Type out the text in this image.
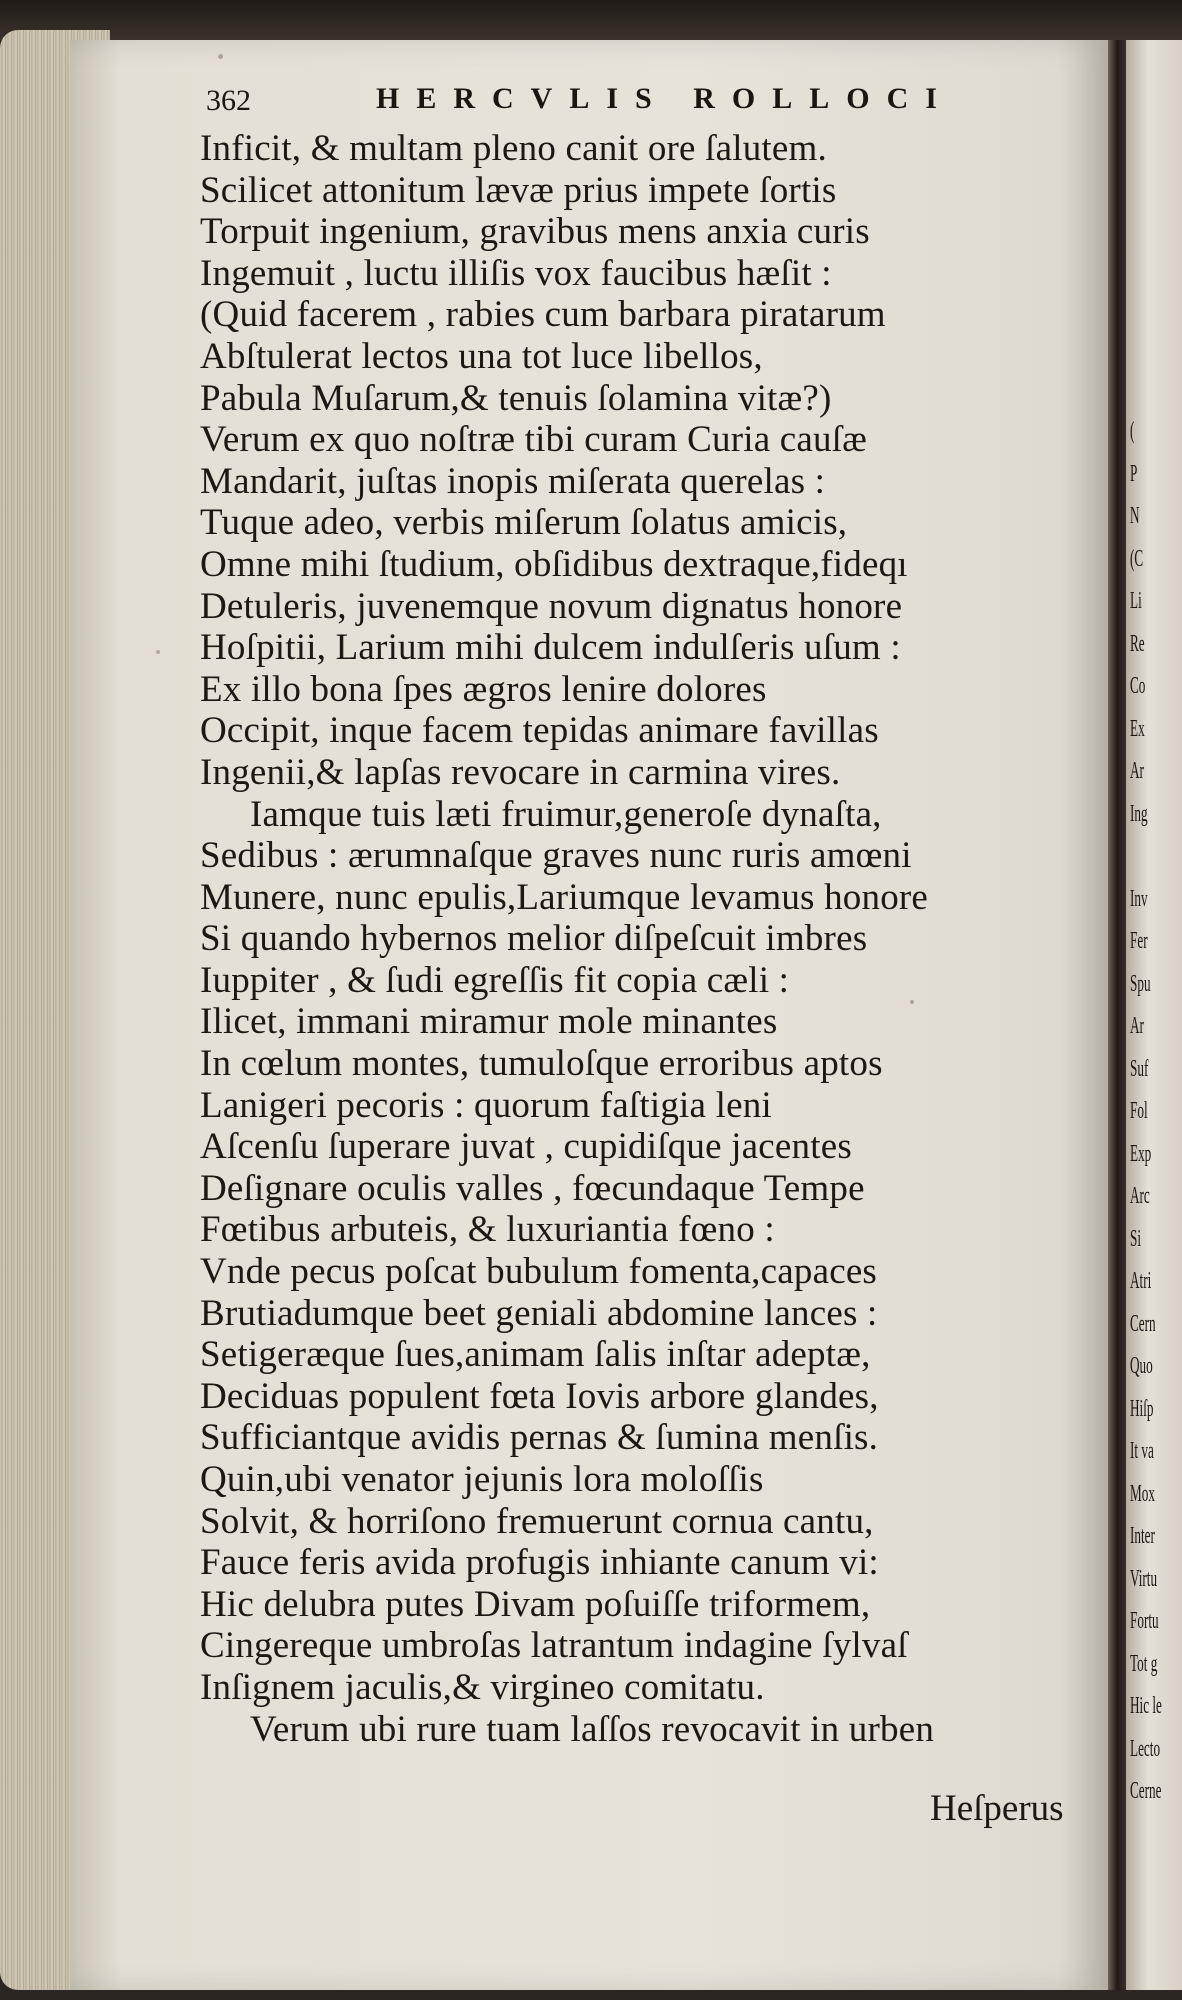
362	HERCVLIS ROLLOCI
Inficit, & multam pleno canit ore ſalutem.
Scilicet attonitum lævæ prius impete ſortis
Torpuit ingenium, gravibus mens anxia curis
Ingemuit , luctu illiſis vox faucibus hæſit :
(Quid facerem , rabies cum barbara piratarum
Abſtulerat lectos una tot luce libellos,
Pabula Muſarum,& tenuis ſolamina vitæ?)
Verum ex quo noſtræ tibi curam Curia cauſæ
Mandarit, juſtas inopis miſerata querelas :
Tuque adeo, verbis miſerum ſolatus amicis,
Omne mihi ſtudium, obſidibus dextraque,fideqı
Detuleris, juvenemque novum dignatus honore
Hoſpitii, Larium mihi dulcem indulſeris uſum :
Ex illo bona ſpes ægros lenire dolores
Occipit, inque facem tepidas animare favillas
Ingenii,& lapſas revocare in carmina vires.
Iamque tuis læti fruimur,generoſe dynaſta,
Sedibus : ærumnaſque graves nunc ruris amœni
Munere, nunc epulis,Lariumque levamus honore
Si quando hybernos melior diſpeſcuit imbres
Iuppiter , & ſudi egreſſis fit copia cæli :
Ilicet, immani miramur mole minantes
In cœlum montes, tumuloſque erroribus aptos
Lanigeri pecoris : quorum faſtigia leni
Aſcenſu ſuperare juvat , cupidiſque jacentes
Deſignare oculis valles , fœcundaque Tempe
Fœtibus arbuteis, & luxuriantia fœno :
Vnde pecus poſcat bubulum fomenta,capaces
Brutiadumque beet geniali abdomine lances :
Setigeræque ſues,animam ſalis inſtar adeptæ,
Deciduas populent fœta Iovis arbore glandes,
Sufficiantque avidis pernas & ſumina menſis.
Quin,ubi venator jejunis lora moloſſis
Solvit, & horriſono fremuerunt cornua cantu,
Fauce feris avida profugis inhiante canum vi:
Hic delubra putes Divam poſuiſſe triformem,
Cingereque umbroſas latrantum indagine ſylvaſ
Inſignem jaculis,& virgineo comitatu.
Verum ubi rure tuam laſſos revocavit in urben
Heſperus
(
P
N
(C
Li
Re
Co
Ex
Ar
Ing
Inv
Fer
Spu
Ar
Suf
Fol
Exp
Arc
Si
Atri
Cern
Quo
Hiſp
It va
Mox
Inter
Virtu
Fortu
Tot g
Hic le
Lecto
Cerne
